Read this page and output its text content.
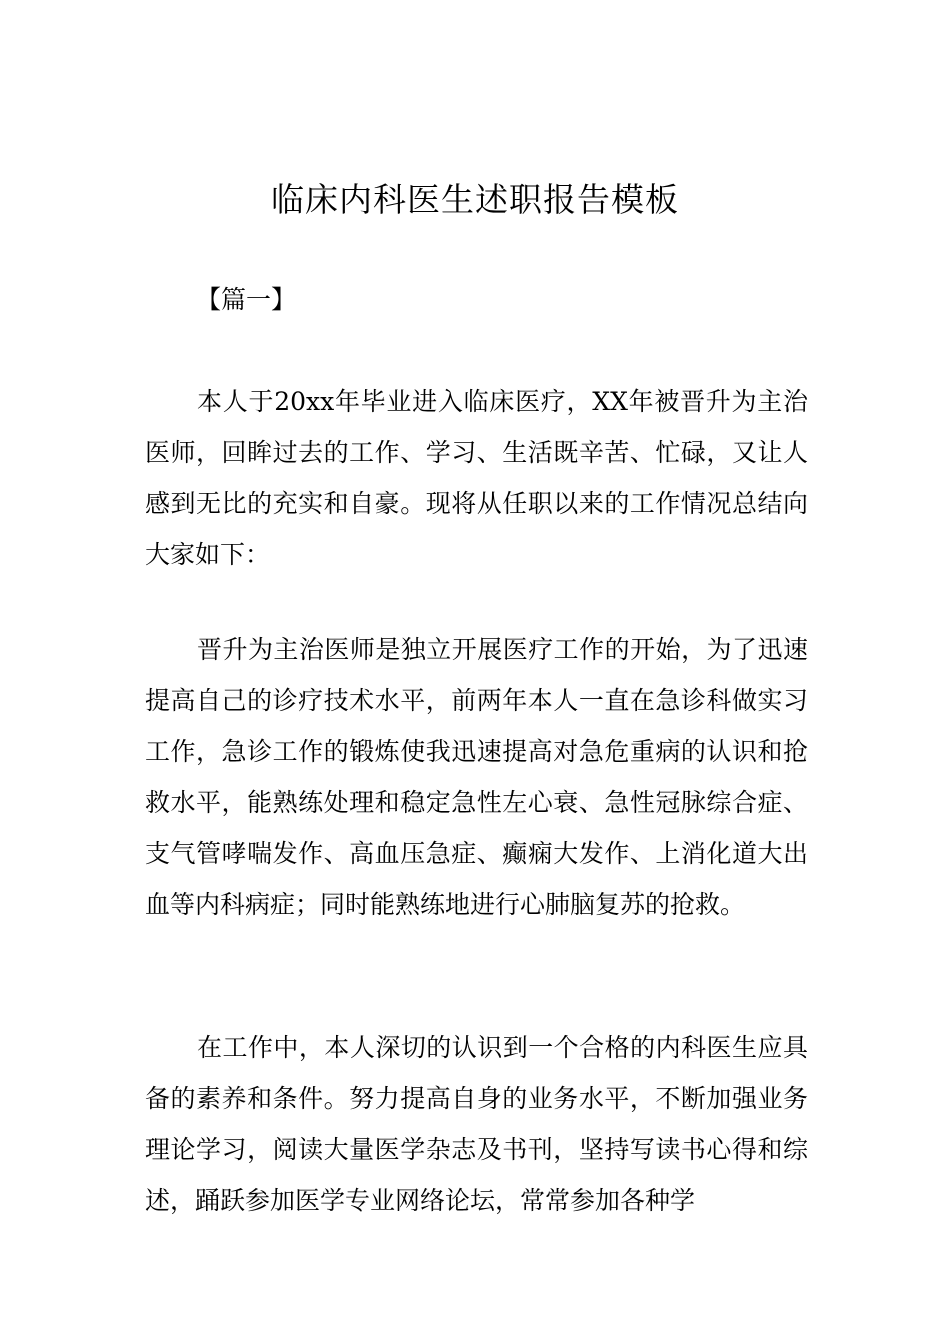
临床内科医生述职报告模板
【篇一】

本人于20xx年毕业进入临床医疗，XX年被晋升为主治医师，回眸过去的工作、学习、生活既辛苦、忙碌，又让人感到无比的充实和自豪。现将从任职以来的工作情况总结向大家如下：

晋升为主治医师是独立开展医疗工作的开始，为了迅速提高自己的诊疗技术水平，前两年本人一直在急诊科做实习工作，急诊工作的锻炼使我迅速提高对急危重病的认识和抢救水平，能熟练处理和稳定急性左心衰、急性冠脉综合症、支气管哮喘发作、高血压急症、癫痫大发作、上消化道大出血等内科病症；同时能熟练地进行心肺脑复苏的抢救。

在工作中，本人深切的认识到一个合格的内科医生应具备的素养和条件。努力提高自身的业务水平，不断加强业务理论学习，阅读大量医学杂志及书刊，坚持写读书心得和综述，踊跃参加医学专业网络论坛，常常参加各种学
